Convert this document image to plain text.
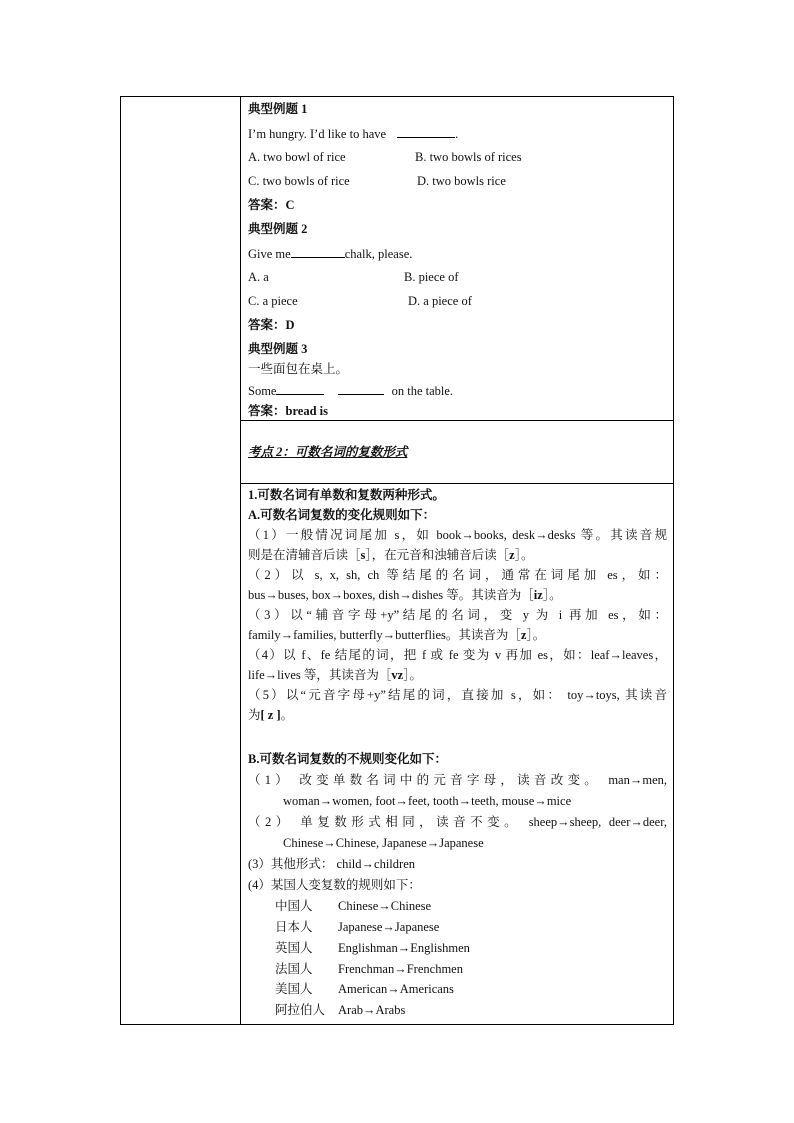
典型例题 1
I’m hungry. I’d like to have	.
A. two bowl of rice	B. two bowls of rices
C. two bowls of rice	D. two bowls rice
答案：C
典型例题 2
Give me	chalk, please.
A. a	B. piece of
C. a piece	D. a piece of
答案：D
典型例题 3
一些面包在桌上。
Some	on the table.
答案：bread is
考点 2：可数名词的复数形式
1.可数名词有单数和复数两种形式。
A.可数名词复数的变化规则如下：
（1）一般情况词尾加 s，如 book→books, desk→desks 等。其读音规
则是在清辅音后读［s］，在元音和浊辅音后读［z］。
（2）以 s, x, sh, ch 等结尾的名词，通常在词尾加 es，如：
bus→buses, box→boxes, dish→dishes 等。其读音为［iz］。
（3）以“辅音字母+y”结尾的名词，变 y 为 i 再加 es，如：
family→families, butterfly→butterflies。其读音为［z］。
（4）以 f、fe 结尾的词，把 f 或 fe 变为 v 再加 es，如：leaf→leaves，
life→lives 等，其读音为［vz］。
（5）以“元音字母+y”结尾的词，直接加 s，如： toy→toys, 其读音
为[ z ]。
B.可数名词复数的不规则变化如下：
（1） 改变单数名词中的元音字母，读音改变。 man→men,
woman→women, foot→feet, tooth→teeth, mouse→mice
（2） 单复数形式相同，读音不变。 sheep→sheep, deer→deer,
Chinese→Chinese, Japanese→Japanese
(3）其他形式： child→children
(4）某国人变复数的规则如下：
中国人 Chinese→Chinese
日本人 Japanese→Japanese
英国人 Englishman→Englishmen
法国人 Frenchman→Frenchmen
美国人 American→Americans
阿拉伯人 Arab→Arabs
